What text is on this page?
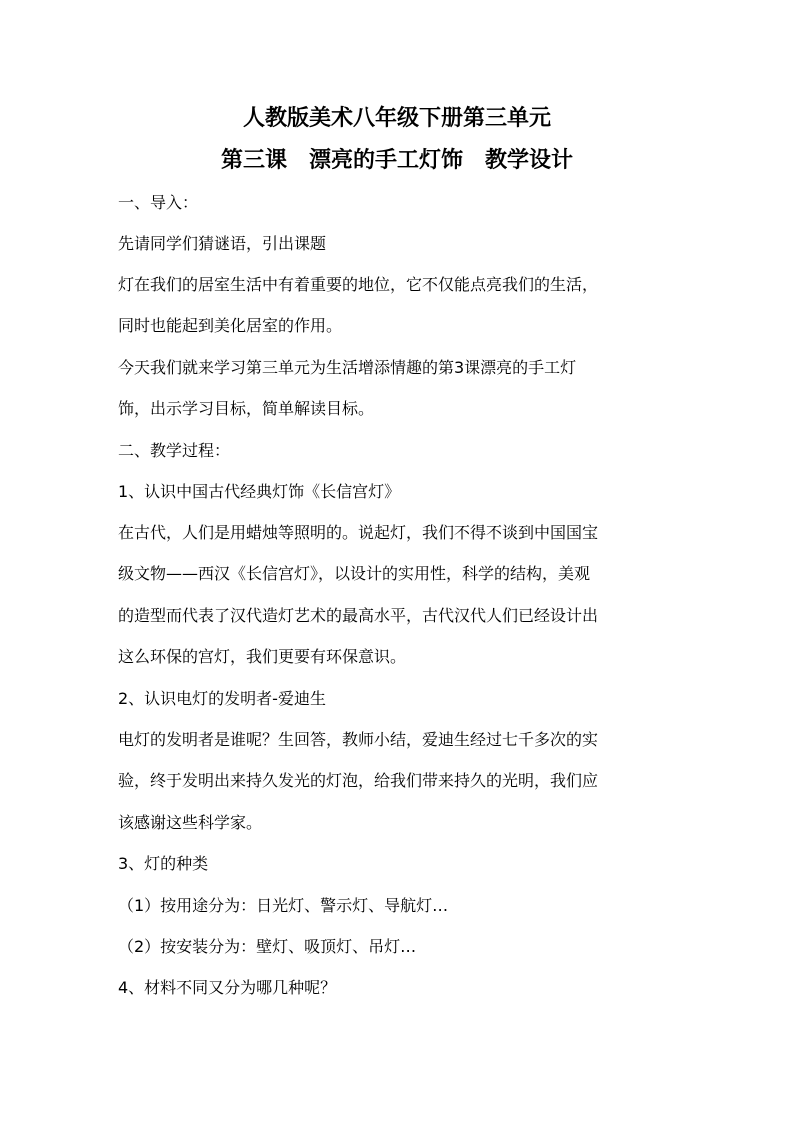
人教版美术八年级下册第三单元
第三课　漂亮的手工灯饰　教学设计
一、导入：
先请同学们猜谜语，引出课题
灯在我们的居室生活中有着重要的地位，它不仅能点亮我们的生活，
同时也能起到美化居室的作用。
今天我们就来学习第三单元为生活增添情趣的第3课漂亮的手工灯
饰，出示学习目标，简单解读目标。
二、教学过程：
1、认识中国古代经典灯饰《长信宫灯》
在古代，人们是用蜡烛等照明的。说起灯，我们不得不谈到中国国宝
级文物——西汉《长信宫灯》，以设计的实用性，科学的结构，美观
的造型而代表了汉代造灯艺术的最高水平，古代汉代人们已经设计出
这么环保的宫灯，我们更要有环保意识。
2、认识电灯的发明者-爱迪生
电灯的发明者是谁呢？生回答，教师小结，爱迪生经过七千多次的实
验，终于发明出来持久发光的灯泡，给我们带来持久的光明，我们应
该感谢这些科学家。
3、灯的种类
（1）按用途分为：日光灯、警示灯、导航灯…
（2）按安装分为：壁灯、吸顶灯、吊灯…
4、材料不同又分为哪几种呢？
